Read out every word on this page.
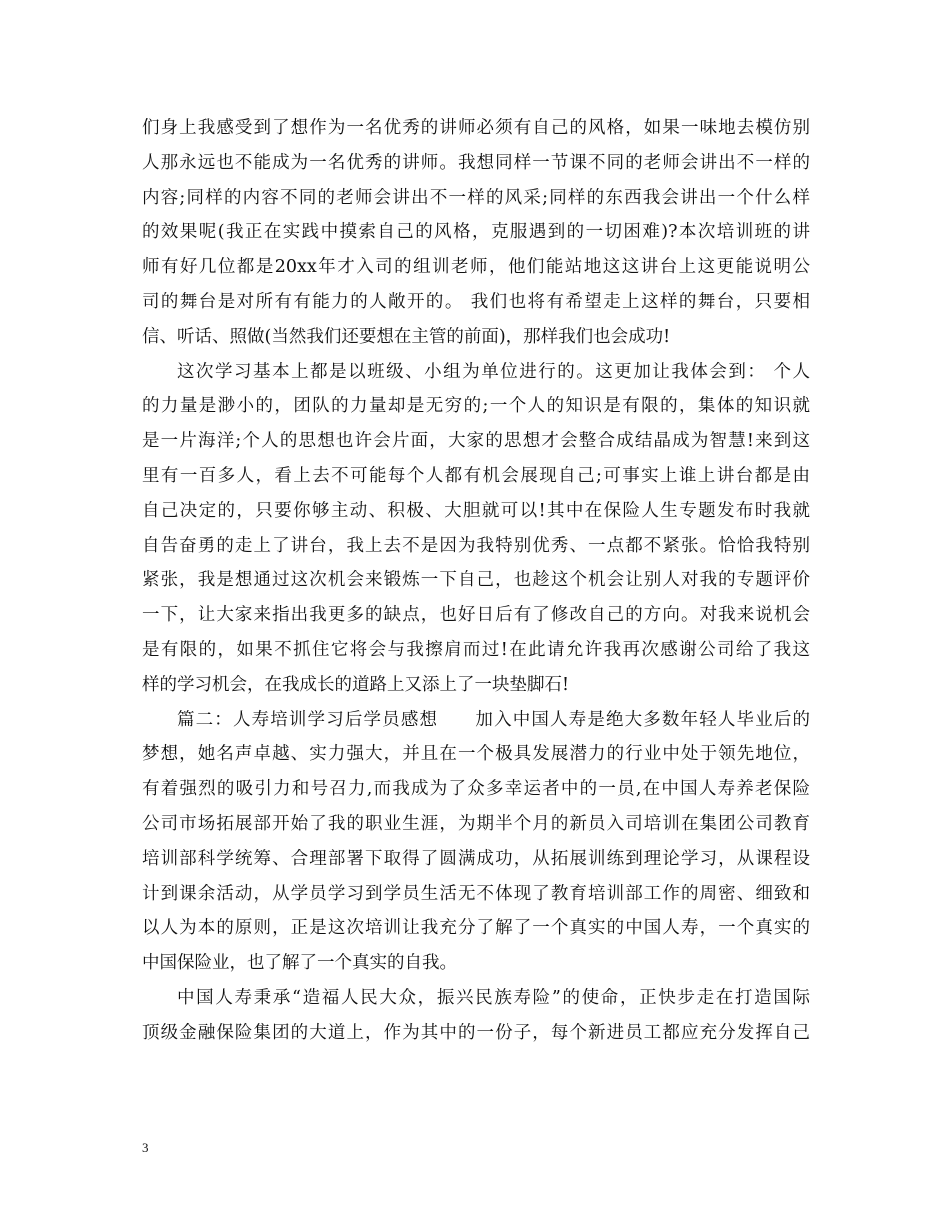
们身上我感受到了想作为一名优秀的讲师必须有自己的风格，如果一味地去模仿别
人那永远也不能成为一名优秀的讲师。我想同样一节课不同的老师会讲出不一样的
内容;同样的内容不同的老师会讲出不一样的风采;同样的东西我会讲出一个什么样
的效果呢(我正在实践中摸索自己的风格，克服遇到的一切困难)?本次培训班的讲
师有好几位都是20xx年才入司的组训老师，他们能站地这这讲台上这更能说明公
司的舞台是对所有有能力的人敞开的。 我们也将有希望走上这样的舞台，只要相
信、听话、照做(当然我们还要想在主管的前面)，那样我们也会成功!
这次学习基本上都是以班级、小组为单位进行的。这更加让我体会到： 个人
的力量是渺小的，团队的力量却是无穷的;一个人的知识是有限的，集体的知识就
是一片海洋;个人的思想也许会片面，大家的思想才会整合成结晶成为智慧!来到这
里有一百多人，看上去不可能每个人都有机会展现自己;可事实上谁上讲台都是由
自己决定的，只要你够主动、积极、大胆就可以!其中在保险人生专题发布时我就
自告奋勇的走上了讲台，我上去不是因为我特别优秀、一点都不紧张。恰恰我特别
紧张，我是想通过这次机会来锻炼一下自己，也趁这个机会让别人对我的专题评价
一下，让大家来指出我更多的缺点，也好日后有了修改自己的方向。对我来说机会
是有限的，如果不抓住它将会与我擦肩而过!在此请允许我再次感谢公司给了我这
样的学习机会，在我成长的道路上又添上了一块垫脚石!
篇二：人寿培训学习后学员感想　　加入中国人寿是绝大多数年轻人毕业后的
梦想，她名声卓越、实力强大，并且在一个极具发展潜力的行业中处于领先地位，
有着强烈的吸引力和号召力,而我成为了众多幸运者中的一员,在中国人寿养老保险
公司市场拓展部开始了我的职业生涯，为期半个月的新员入司培训在集团公司教育
培训部科学统筹、合理部署下取得了圆满成功，从拓展训练到理论学习，从课程设
计到课余活动，从学员学习到学员生活无不体现了教育培训部工作的周密、细致和
以人为本的原则，正是这次培训让我充分了解了一个真实的中国人寿，一个真实的
中国保险业，也了解了一个真实的自我。
中国人寿秉承“造福人民大众，振兴民族寿险”的使命，正快步走在打造国际
顶级金融保险集团的大道上，作为其中的一份子，每个新进员工都应充分发挥自己
3
